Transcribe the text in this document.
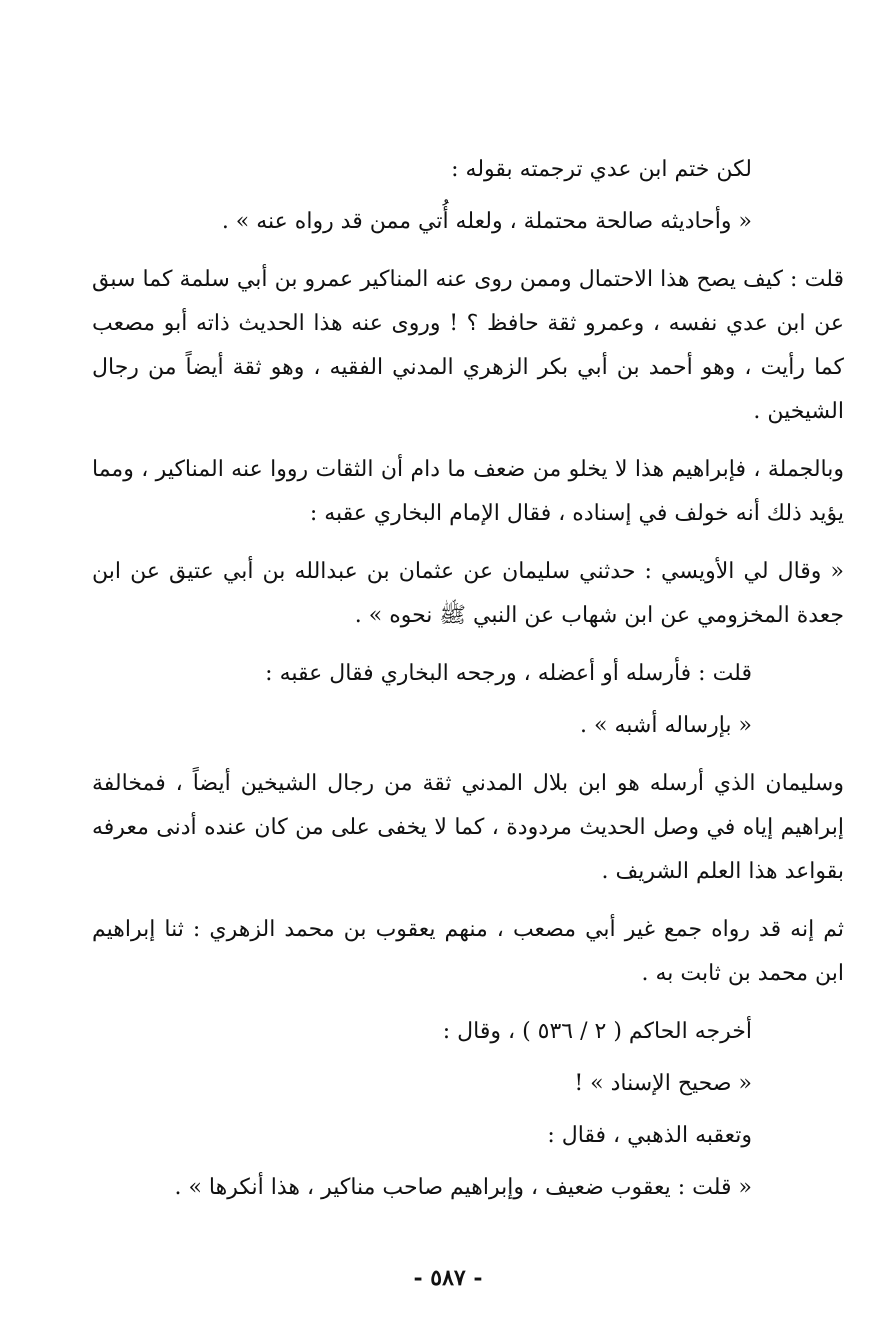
لكن ختم ابن عدي ترجمته بقوله :

« وأحاديثه صالحة محتملة ، ولعله أُتي ممن قد رواه عنه » .

قلت : كيف يصح هذا الاحتمال وممن روى عنه المناكير عمرو بن أبي سلمة كما سبق عن ابن عدي نفسه ، وعمرو ثقة حافظ ؟ ! وروى عنه هذا الحديث ذاته أبو مصعب كما رأيت ، وهو أحمد بن أبي بكر الزهري المدني الفقيه ، وهو ثقة أيضاً من رجال الشيخين .

وبالجملة ، فإبراهيم هذا لا يخلو من ضعف ما دام أن الثقات رووا عنه المناكير ، ومما يؤيد ذلك أنه خولف في إسناده ، فقال الإمام البخاري عقبه :

« وقال لي الأويسي : حدثني سليمان عن عثمان بن عبدالله بن أبي عتيق عن ابن جعدة المخزومي عن ابن شهاب عن النبي ﷺ نحوه » .

قلت : فأرسله أو أعضله ، ورجحه البخاري فقال عقبه :

« بإرساله أشبه » .

وسليمان الذي أرسله هو ابن بلال المدني ثقة من رجال الشيخين أيضاً ، فمخالفة إبراهيم إياه في وصل الحديث مردودة ، كما لا يخفى على من كان عنده أدنى معرفه بقواعد هذا العلم الشريف .

ثم إنه قد رواه جمع غير أبي مصعب ، منهم يعقوب بن محمد الزهري : ثنا إبراهيم ابن محمد بن ثابت به .

أخرجه الحاكم ( ٢ / ٥٣٦ ) ، وقال :

« صحيح الإسناد » !

وتعقبه الذهبي ، فقال :

« قلت : يعقوب ضعيف ، وإبراهيم صاحب مناكير ، هذا أنكرها » .

- ٥٨٧ -
